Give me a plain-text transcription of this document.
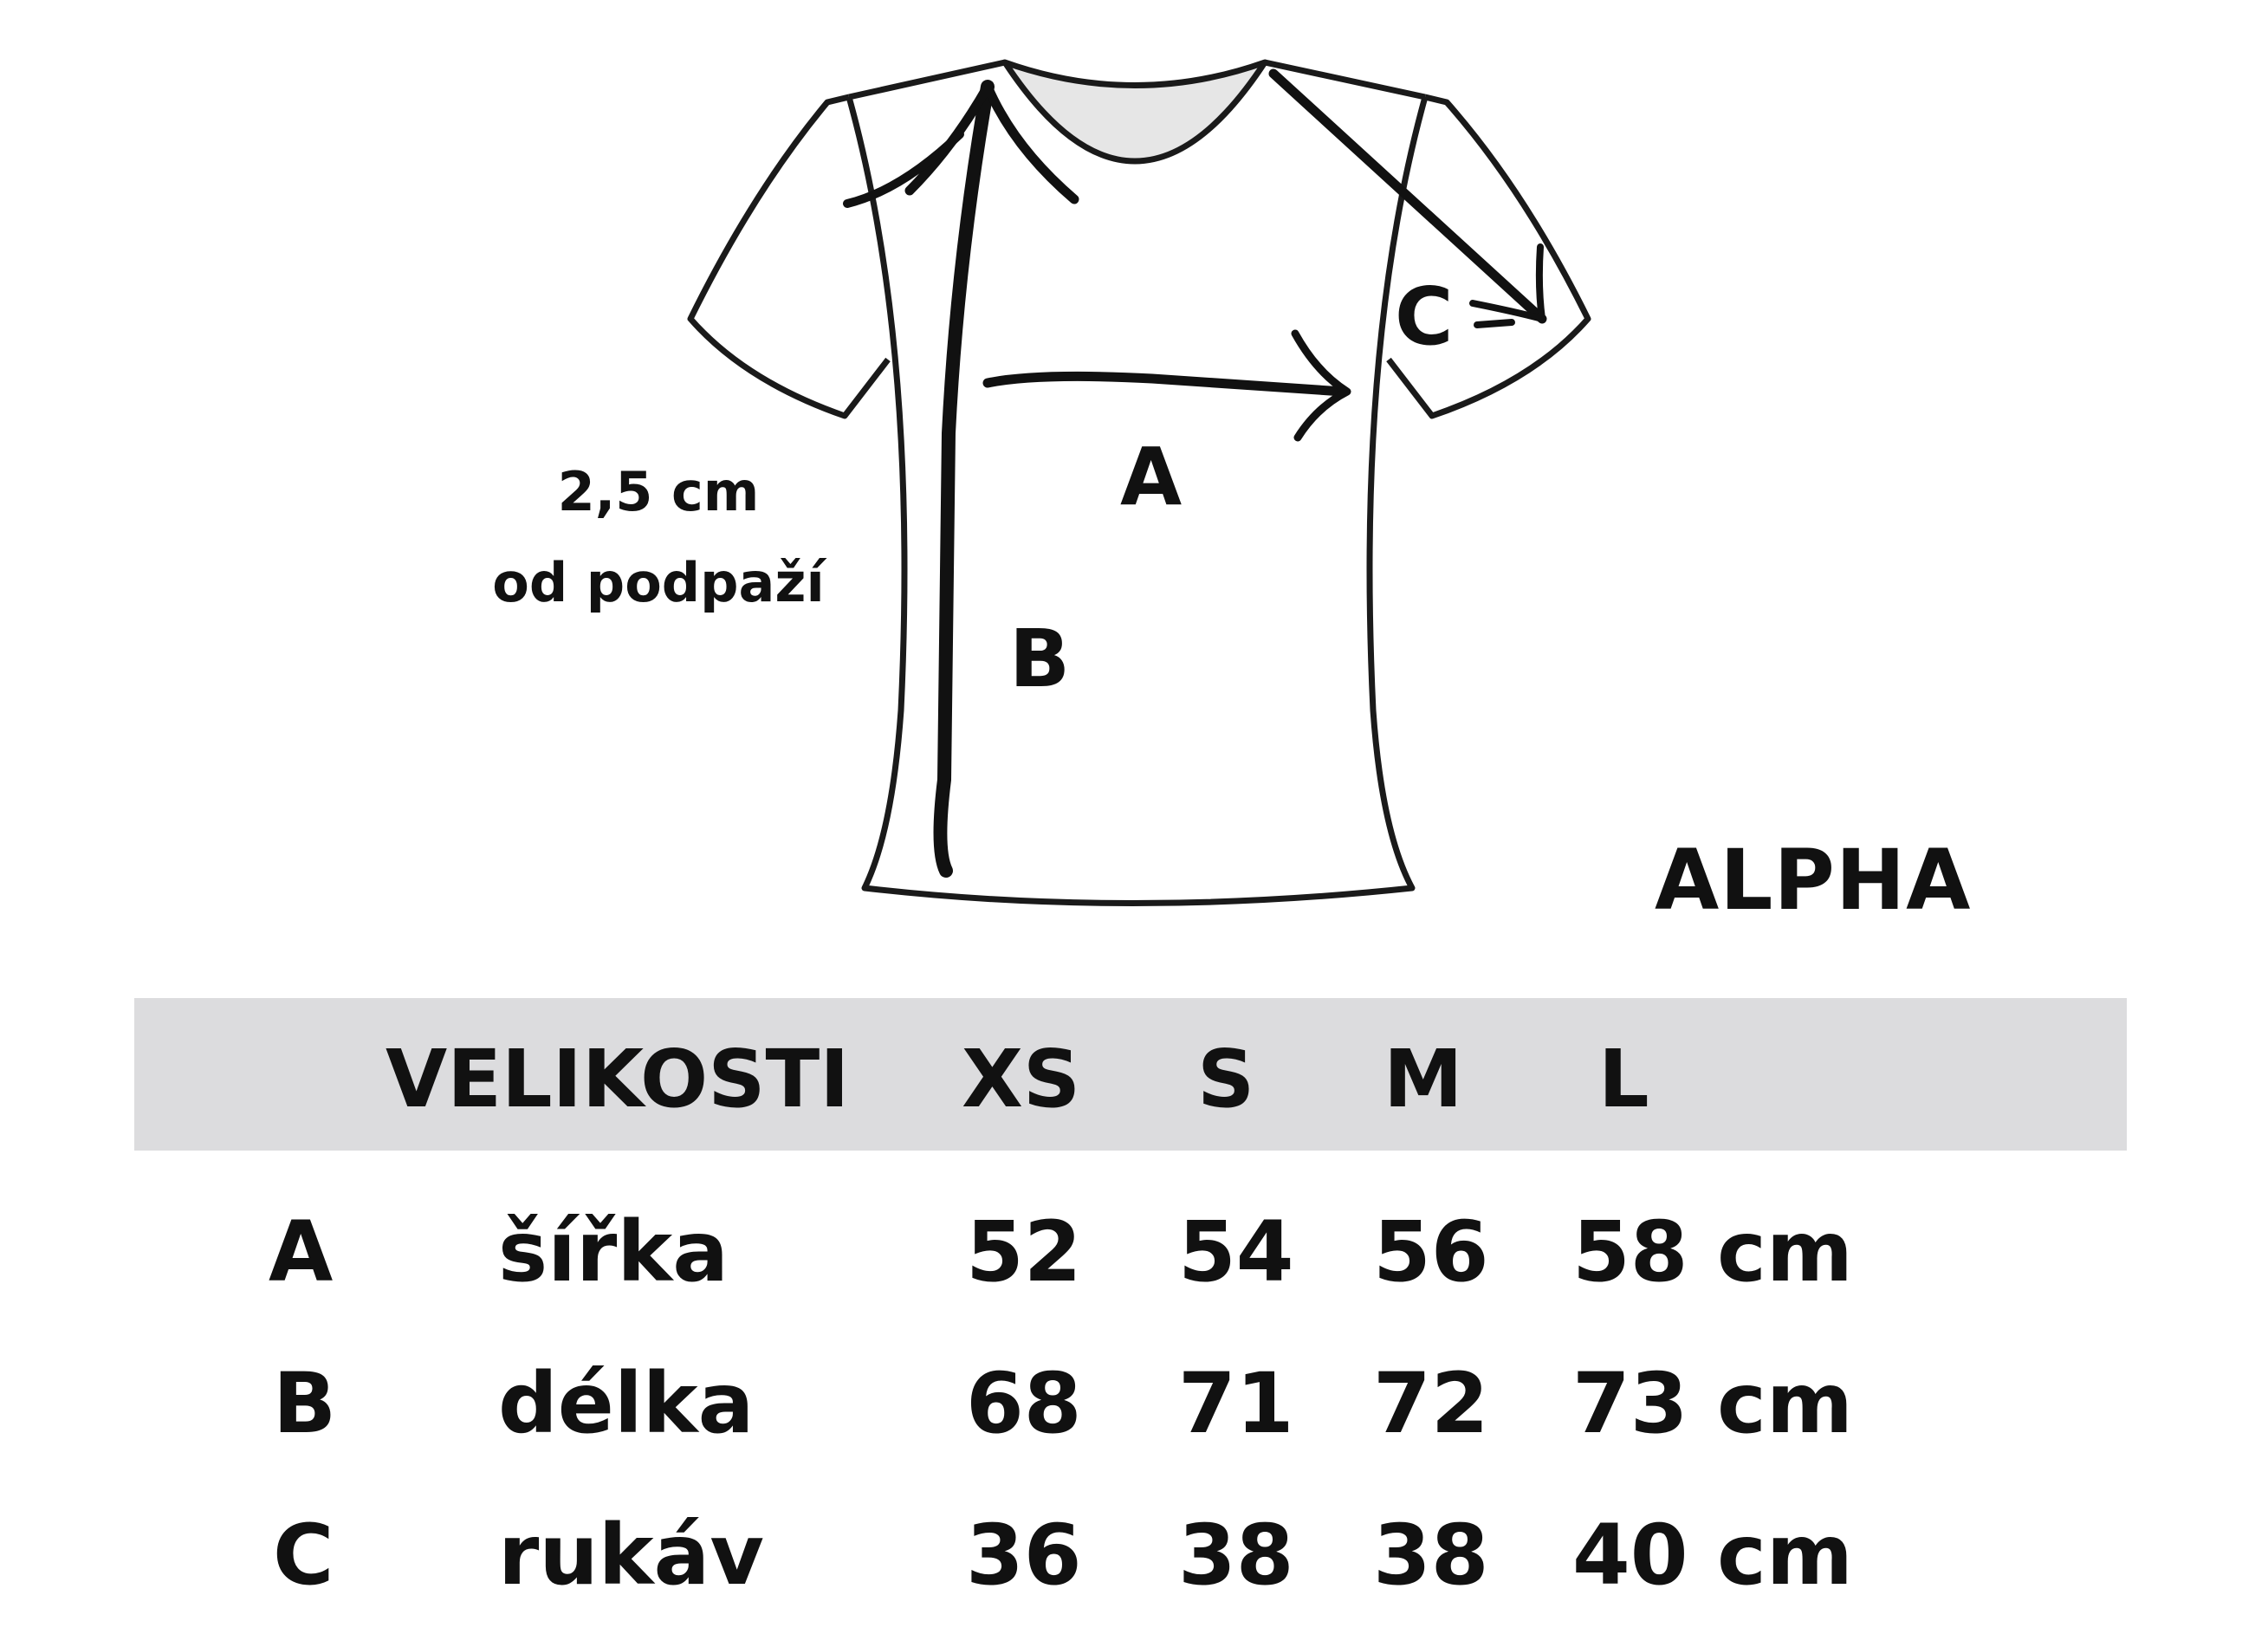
A
B
C
2,5 cm
od podpaží
ALPHA
VELIKOSTI XS S M L
A šířka	52 54 56 58 cm
B délka	68 71 72 73 cm
C rukáv 36 38 38 40 cm
